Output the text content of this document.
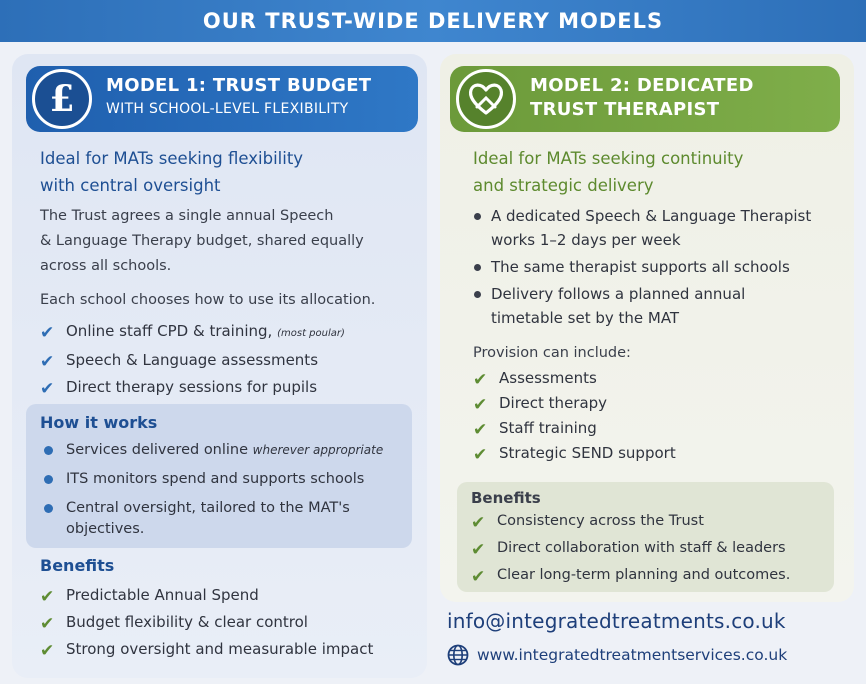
OUR TRUST-WIDE DELIVERY MODELS
£	MODEL 1: TRUST BUDGET
WITH SCHOOL-LEVEL FLEXIBILITY
Ideal for MATs seeking flexibility
with central oversight
The Trust agrees a single annual Speech
& Language Therapy budget, shared equally
across all schools.
Each school chooses how to use its allocation.
✔ Online staff CPD & training, (most poular)
✔ Speech & Language assessments
✔ Direct therapy sessions for pupils
How it works
Services delivered online wherever appropriate
ITS monitors spend and supports schools
Central oversight, tailored to the MAT's objectives.
Benefits
✔ Predictable Annual Spend
✔ Budget flexibility & clear control
✔ Strong oversight and measurable impact
MODEL 2: DEDICATED
TRUST THERAPIST
Ideal for MATs seeking continuity
and strategic delivery
A dedicated Speech & Language Therapist
works 1–2 days per week
The same therapist supports all schools
Delivery follows a planned annual
timetable set by the MAT
Provision can include:
✔ Assessments
✔ Direct therapy
✔ Staff training
✔ Strategic SEND support
Benefits
✔ Consistency across the Trust
✔ Direct collaboration with staff & leaders
✔ Clear long-term planning and outcomes.
info@integratedtreatments.co.uk
www.integratedtreatmentservices.co.uk
